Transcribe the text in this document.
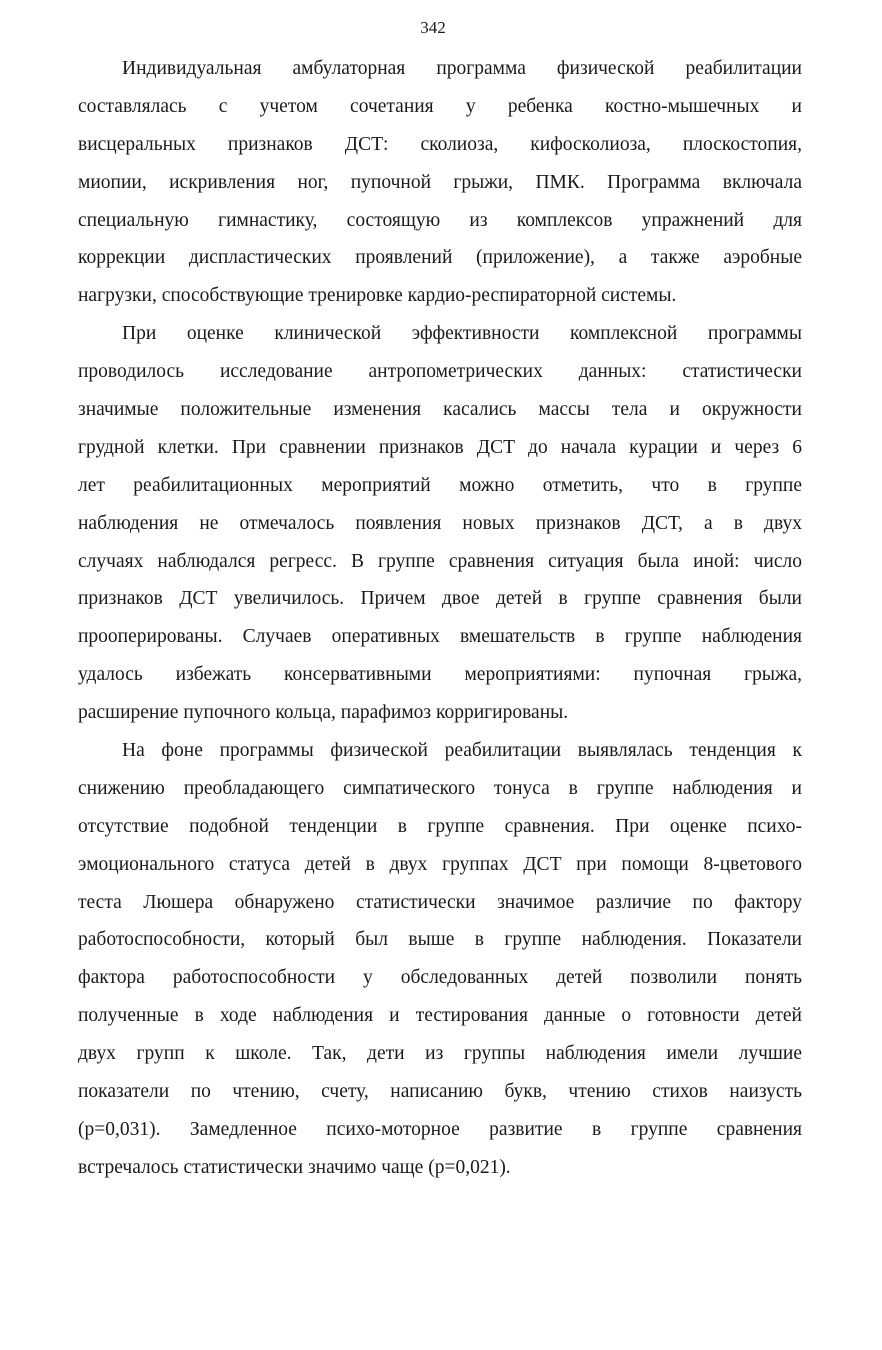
342
Индивидуальная амбулаторная программа физической реабилитации
составлялась с учетом сочетания у ребенка костно-мышечных и
висцеральных признаков ДСТ: сколиоза, кифосколиоза, плоскостопия,
миопии, искривления ног, пупочной грыжи, ПМК. Программа включала
специальную гимнастику, состоящую из комплексов упражнений для
коррекции диспластических проявлений (приложение), а также аэробные
нагрузки, способствующие тренировке кардио-респираторной системы.
При оценке клинической эффективности комплексной программы
проводилось исследование антропометрических данных: статистически
значимые положительные изменения касались массы тела и окружности
грудной клетки. При сравнении признаков ДСТ до начала курации и через 6
лет реабилитационных мероприятий можно отметить, что в группе
наблюдения не отмечалось появления новых признаков ДСТ, а в двух
случаях наблюдался регресс. В группе сравнения ситуация была иной: число
признаков ДСТ увеличилось. Причем двое детей в группе сравнения были
прооперированы. Случаев оперативных вмешательств в группе наблюдения
удалось избежать консервативными мероприятиями: пупочная грыжа,
расширение пупочного кольца, парафимоз корригированы.
На фоне программы физической реабилитации выявлялась тенденция к
снижению преобладающего симпатического тонуса в группе наблюдения и
отсутствие подобной тенденции в группе сравнения. При оценке психо-
эмоционального статуса детей в двух группах ДСТ при помощи 8-цветового
теста Люшера обнаружено статистически значимое различие по фактору
работоспособности, который был выше в группе наблюдения. Показатели
фактора работоспособности у обследованных детей позволили понять
полученные в ходе наблюдения и тестирования данные о готовности детей
двух групп к школе. Так, дети из группы наблюдения имели лучшие
показатели по чтению, счету, написанию букв, чтению стихов наизусть
(p=0,031). Замедленное психо-моторное развитие в группе сравнения
встречалось статистически значимо чаще (p=0,021).
